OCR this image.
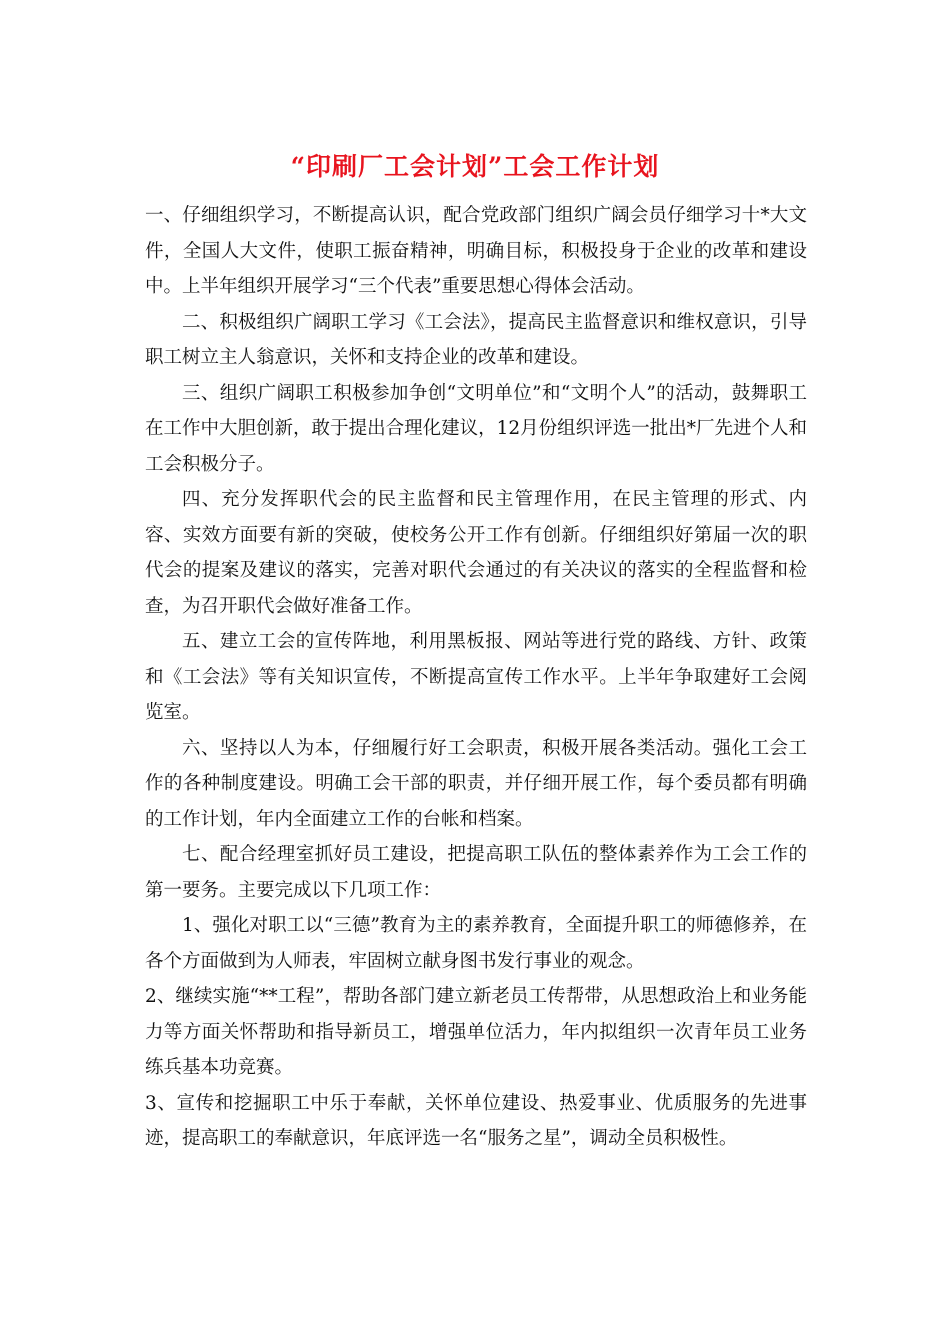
“印刷厂工会计划”工会工作计划

一、仔细组织学习，不断提高认识，配合党政部门组织广阔会员仔细学习十*大文件，全国人大文件，使职工振奋精神，明确目标，积极投身于企业的改革和建设中。上半年组织开展学习“三个代表”重要思想心得体会活动。

二、积极组织广阔职工学习《工会法》，提高民主监督意识和维权意识，引导职工树立主人翁意识，关怀和支持企业的改革和建设。

三、组织广阔职工积极参加争创“文明单位”和“文明个人”的活动，鼓舞职工在工作中大胆创新，敢于提出合理化建议，12月份组织评选一批出*厂先进个人和工会积极分子。

四、充分发挥职代会的民主监督和民主管理作用，在民主管理的形式、内容、实效方面要有新的突破，使校务公开工作有创新。仔细组织好第届一次的职代会的提案及建议的落实，完善对职代会通过的有关决议的落实的全程监督和检查，为召开职代会做好准备工作。

五、建立工会的宣传阵地，利用黑板报、网站等进行党的路线、方针、政策和《工会法》等有关知识宣传，不断提高宣传工作水平。上半年争取建好工会阅览室。

六、坚持以人为本，仔细履行好工会职责，积极开展各类活动。强化工会工作的各种制度建设。明确工会干部的职责，并仔细开展工作，每个委员都有明确的工作计划，年内全面建立工作的台帐和档案。

七、配合经理室抓好员工建设，把提高职工队伍的整体素养作为工会工作的第一要务。主要完成以下几项工作：

1、强化对职工以“三德”教育为主的素养教育，全面提升职工的师德修养，在各个方面做到为人师表，牢固树立献身图书发行事业的观念。

2、继续实施“**工程”，帮助各部门建立新老员工传帮带，从思想政治上和业务能力等方面关怀帮助和指导新员工，增强单位活力，年内拟组织一次青年员工业务练兵基本功竞赛。

3、宣传和挖掘职工中乐于奉献，关怀单位建设、热爱事业、优质服务的先进事迹，提高职工的奉献意识，年底评选一名“服务之星”，调动全员积极性。
